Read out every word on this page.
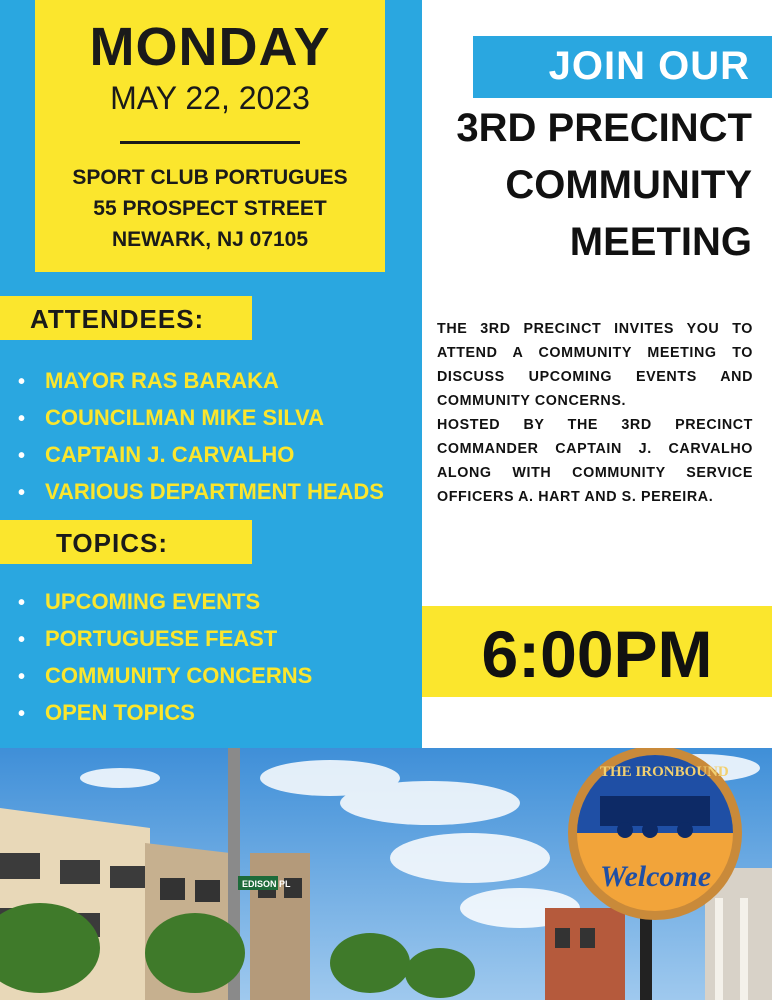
MONDAY
MAY 22, 2023
SPORT CLUB PORTUGUES
55 PROSPECT STREET
NEWARK, NJ 07105
ATTENDEES:
• MAYOR RAS BARAKA
• COUNCILMAN MIKE SILVA
• CAPTAIN J. CARVALHO
• VARIOUS DEPARTMENT HEADS
TOPICS:
• UPCOMING EVENTS
• PORTUGUESE FEAST
• COMMUNITY CONCERNS
• OPEN TOPICS
JOIN OUR
3RD PRECINCT
COMMUNITY
MEETING
THE 3RD PRECINCT INVITES YOU TO ATTEND A COMMUNITY MEETING TO DISCUSS UPCOMING EVENTS AND COMMUNITY CONCERNS.
HOSTED BY THE 3RD PRECINCT COMMANDER CAPTAIN J. CARVALHO ALONG WITH COMMUNITY SERVICE OFFICERS A. HART AND S. PEREIRA.
6:00PM
MAY 22
EDISON PL
THE IRONBOUND
Welcome
